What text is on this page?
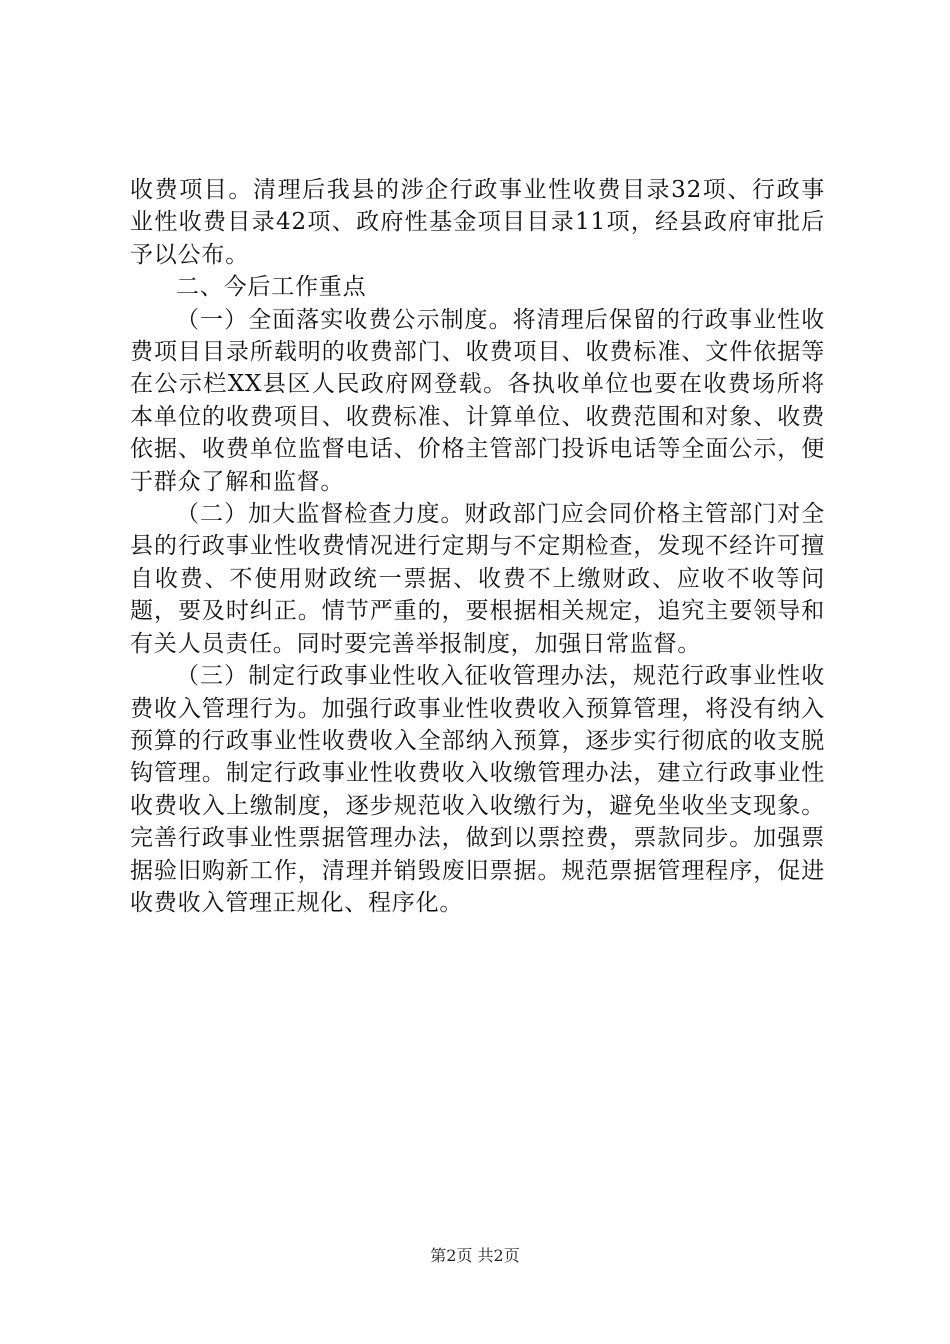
收费项目。清理后我县的涉企行政事业性收费目录32项、行政事业性收费目录42项、政府性基金项目目录11项，经县政府审批后予以公布。

二、今后工作重点

（一）全面落实收费公示制度。将清理后保留的行政事业性收费项目目录所载明的收费部门、收费项目、收费标准、文件依据等在公示栏XX县区人民政府网登载。各执收单位也要在收费场所将本单位的收费项目、收费标准、计算单位、收费范围和对象、收费依据、收费单位监督电话、价格主管部门投诉电话等全面公示，便于群众了解和监督。

（二）加大监督检查力度。财政部门应会同价格主管部门对全县的行政事业性收费情况进行定期与不定期检查，发现不经许可擅自收费、不使用财政统一票据、收费不上缴财政、应收不收等问题，要及时纠正。情节严重的，要根据相关规定，追究主要领导和有关人员责任。同时要完善举报制度，加强日常监督。

（三）制定行政事业性收入征收管理办法，规范行政事业性收费收入管理行为。加强行政事业性收费收入预算管理，将没有纳入预算的行政事业性收费收入全部纳入预算，逐步实行彻底的收支脱钩管理。制定行政事业性收费收入收缴管理办法，建立行政事业性收费收入上缴制度，逐步规范收入收缴行为，避免坐收坐支现象。完善行政事业性票据管理办法，做到以票控费，票款同步。加强票据验旧购新工作，清理并销毁废旧票据。规范票据管理程序，促进收费收入管理正规化、程序化。

第2页 共2页
